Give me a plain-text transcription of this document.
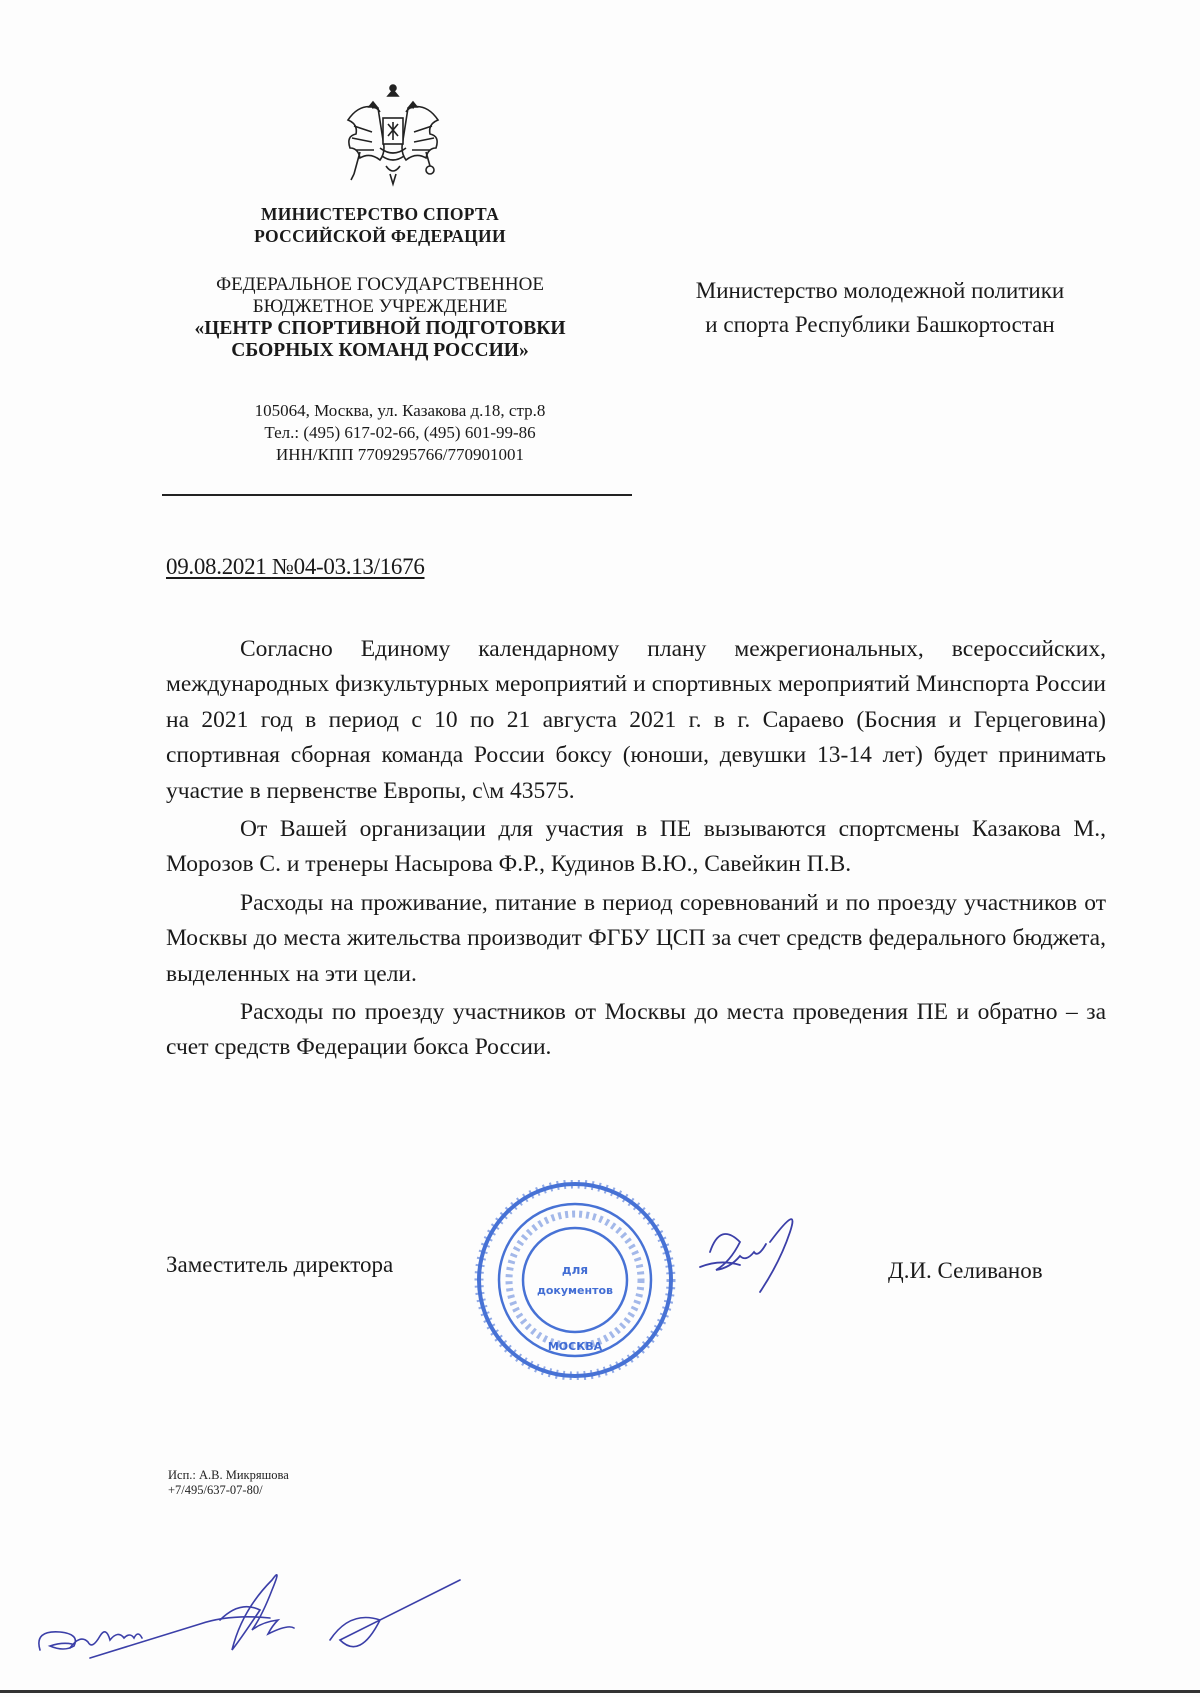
МИНИСТЕРСТВО СПОРТА
РОССИЙСКОЙ ФЕДЕРАЦИИ
ФЕДЕРАЛЬНОЕ ГОСУДАРСТВЕННОЕ
БЮДЖЕТНОЕ УЧРЕЖДЕНИЕ
«ЦЕНТР СПОРТИВНОЙ ПОДГОТОВКИ
СБОРНЫХ КОМАНД РОССИИ»
105064, Москва, ул. Казакова д.18, стр.8
Тел.: (495) 617-02-66, (495) 601-99-86
ИНН/КПП 7709295766/770901001
Министерство молодежной политики
и спорта Республики Башкортостан
09.08.2021 №04-03.13/1676

Согласно Единому календарному плану межрегиональных, всероссийских, международных физкультурных мероприятий и спортивных мероприятий Минспорта России на 2021 год в период с 10 по 21 августа 2021 г. в г. Сараево (Босния и Герцеговина) спортивная сборная команда России боксу (юноши, девушки 13-14 лет) будет принимать участие в первенстве Европы, с\м 43575.

От Вашей организации для участия в ПЕ вызываются спортсмены Казакова М., Морозов С. и тренеры Насырова Ф.Р., Кудинов В.Ю., Савейкин П.В.

Расходы на проживание, питание в период соревнований и по проезду участников от Москвы до места жительства производит ФГБУ ЦСП за счет средств федерального бюджета, выделенных на эти цели.

Расходы по проезду участников от Москвы до места проведения ПЕ и обратно – за счет средств Федерации бокса России.

Заместитель директора	для
документов
МОСКВА
Д.И. Селиванов
Исп.: А.В. Микряшова
+7/495/637-07-80/
